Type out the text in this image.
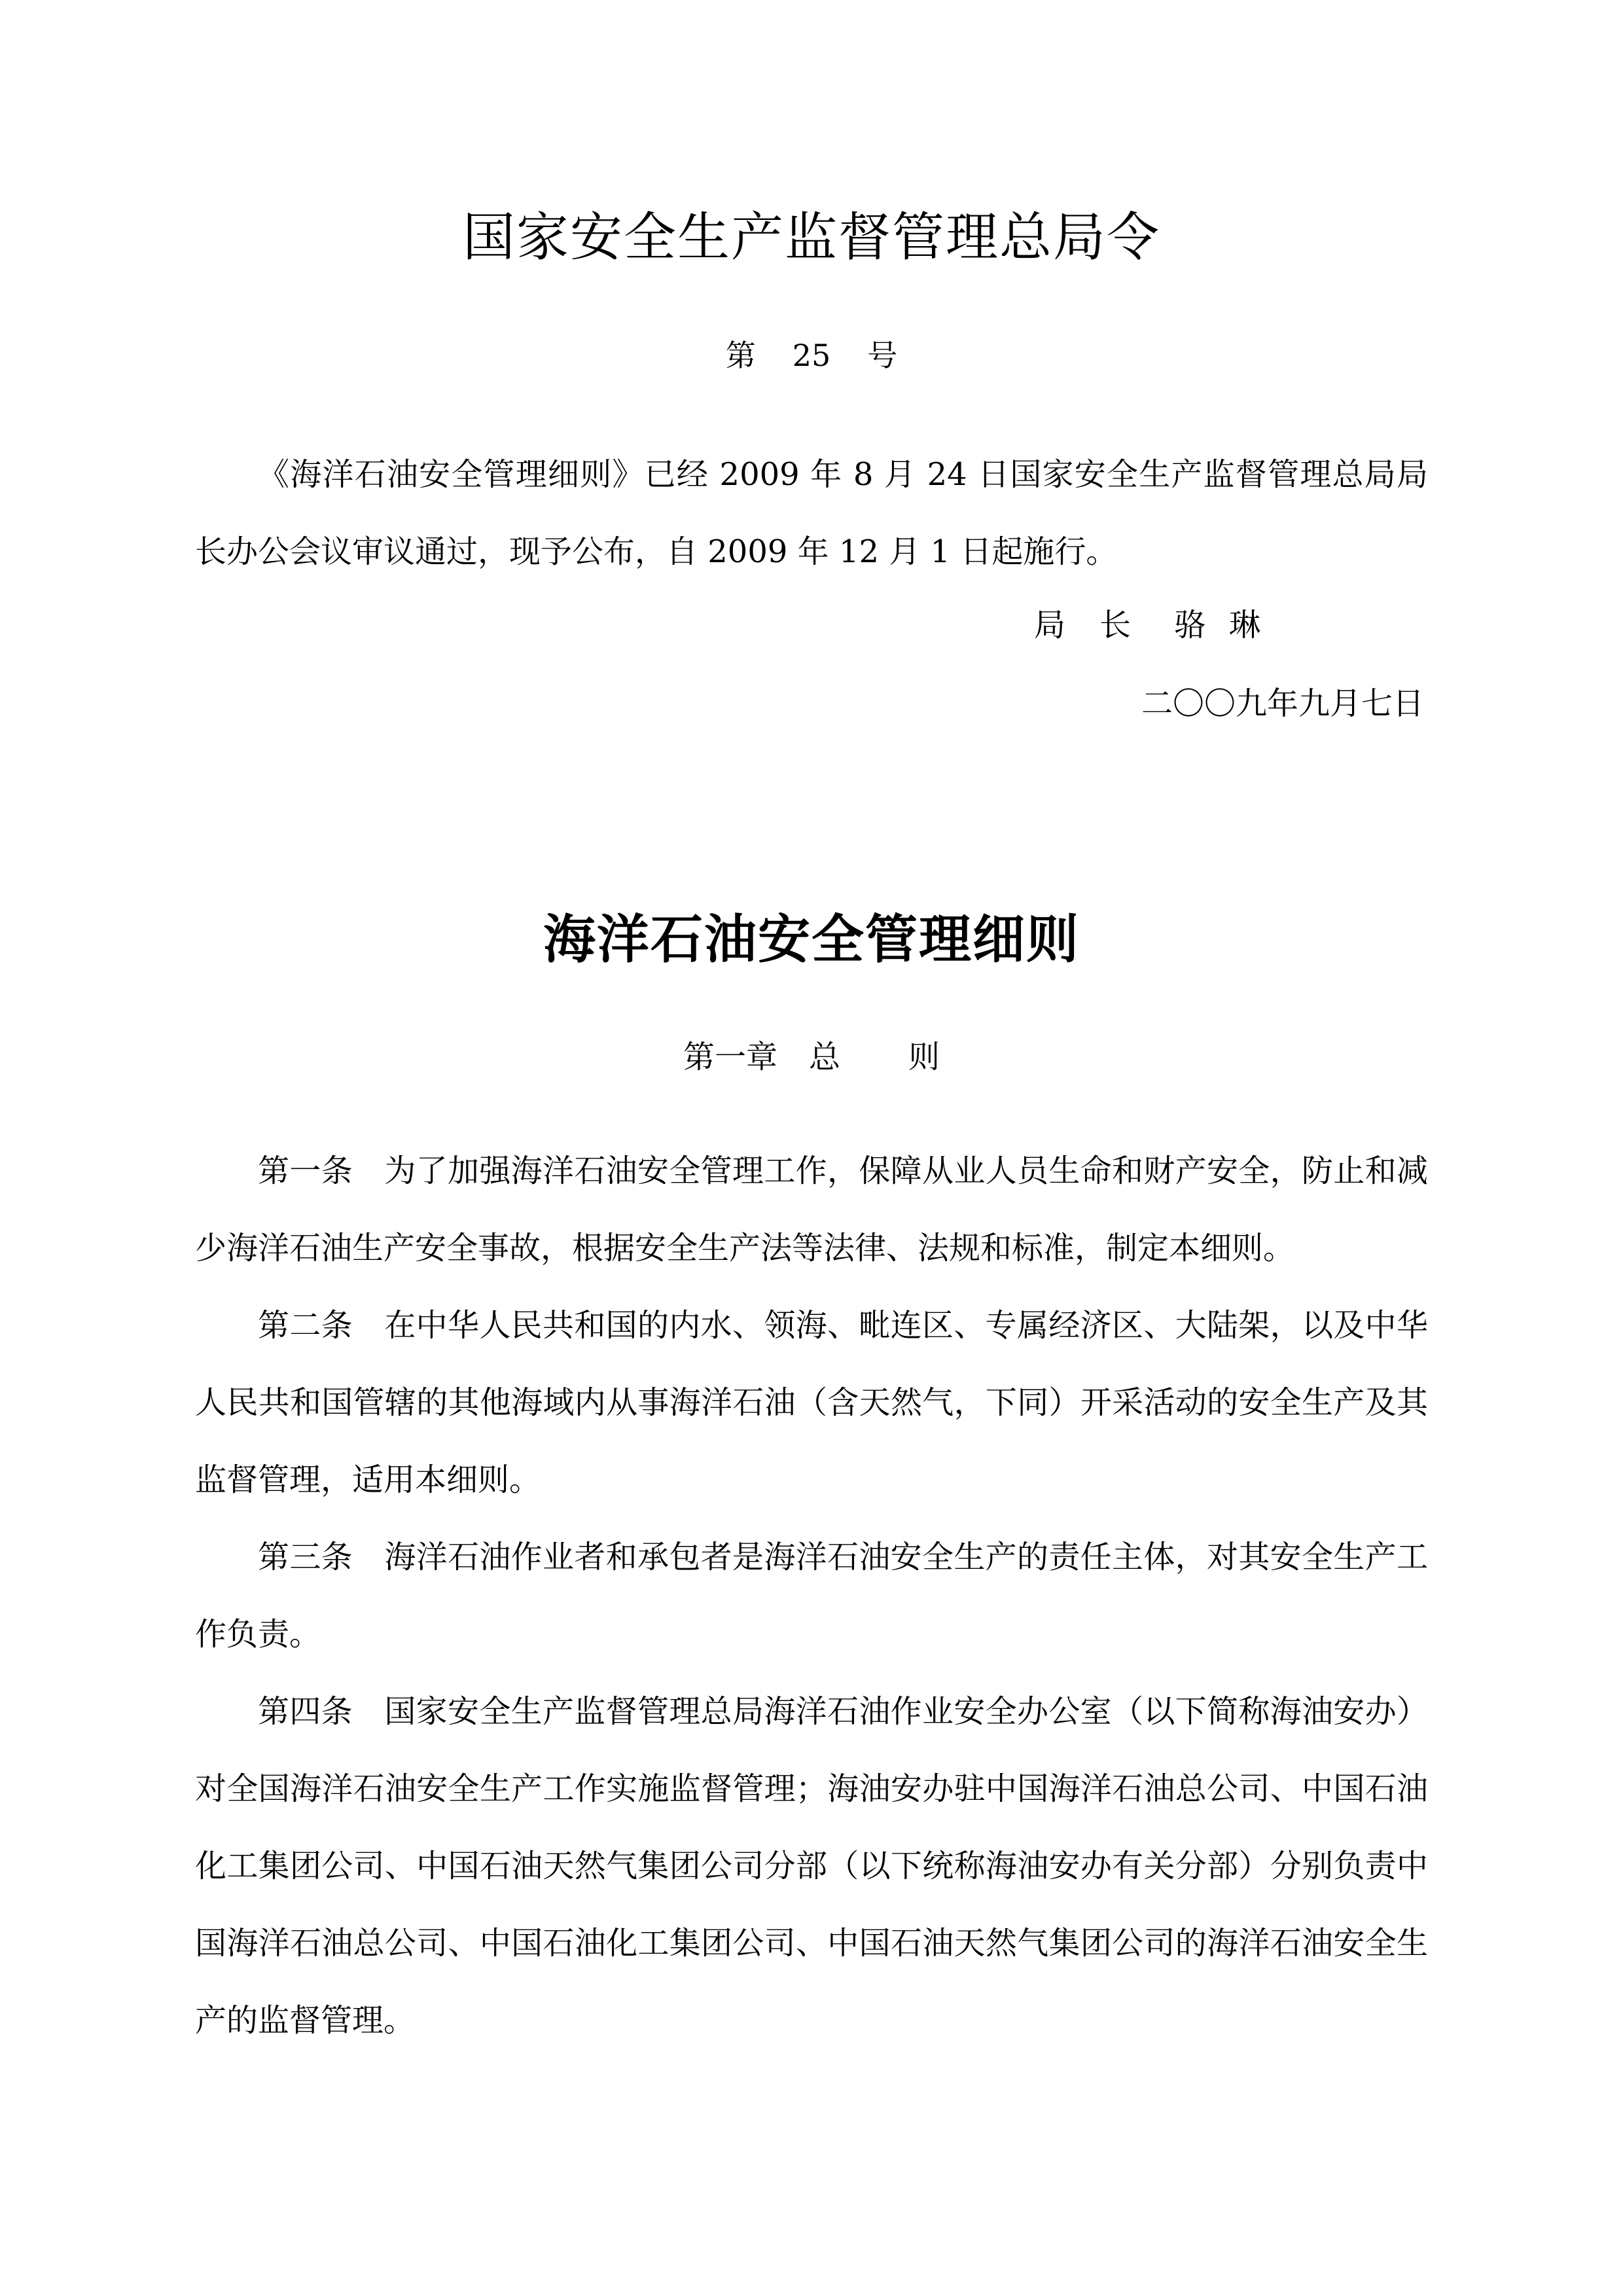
国家安全生产监督管理总局令
第 25 号

《海洋石油安全管理细则》已经 2009 年 8 月 24 日国家安全生产监督管理总局局长办公会议审议通过，现予公布，自 2009 年 12 月 1 日起施行。

局 长 骆 琳
二〇〇九年九月七日
海洋石油安全管理细则
第一章 总 则

第一条 为了加强海洋石油安全管理工作，保障从业人员生命和财产安全，防止和减少海洋石油生产安全事故，根据安全生产法等法律、法规和标准，制定本细则。

第二条 在中华人民共和国的内水、领海、毗连区、专属经济区、大陆架，以及中华人民共和国管辖的其他海域内从事海洋石油（含天然气，下同）开采活动的安全生产及其监督管理，适用本细则。

第三条 海洋石油作业者和承包者是海洋石油安全生产的责任主体，对其安全生产工作负责。

第四条 国家安全生产监督管理总局海洋石油作业安全办公室（以下简称海油安办）对全国海洋石油安全生产工作实施监督管理；海油安办驻中国海洋石油总公司、中国石油化工集团公司、中国石油天然气集团公司分部（以下统称海油安办有关分部）分别负责中国海洋石油总公司、中国石油化工集团公司、中国石油天然气集团公司的海洋石油安全生产的监督管理。
